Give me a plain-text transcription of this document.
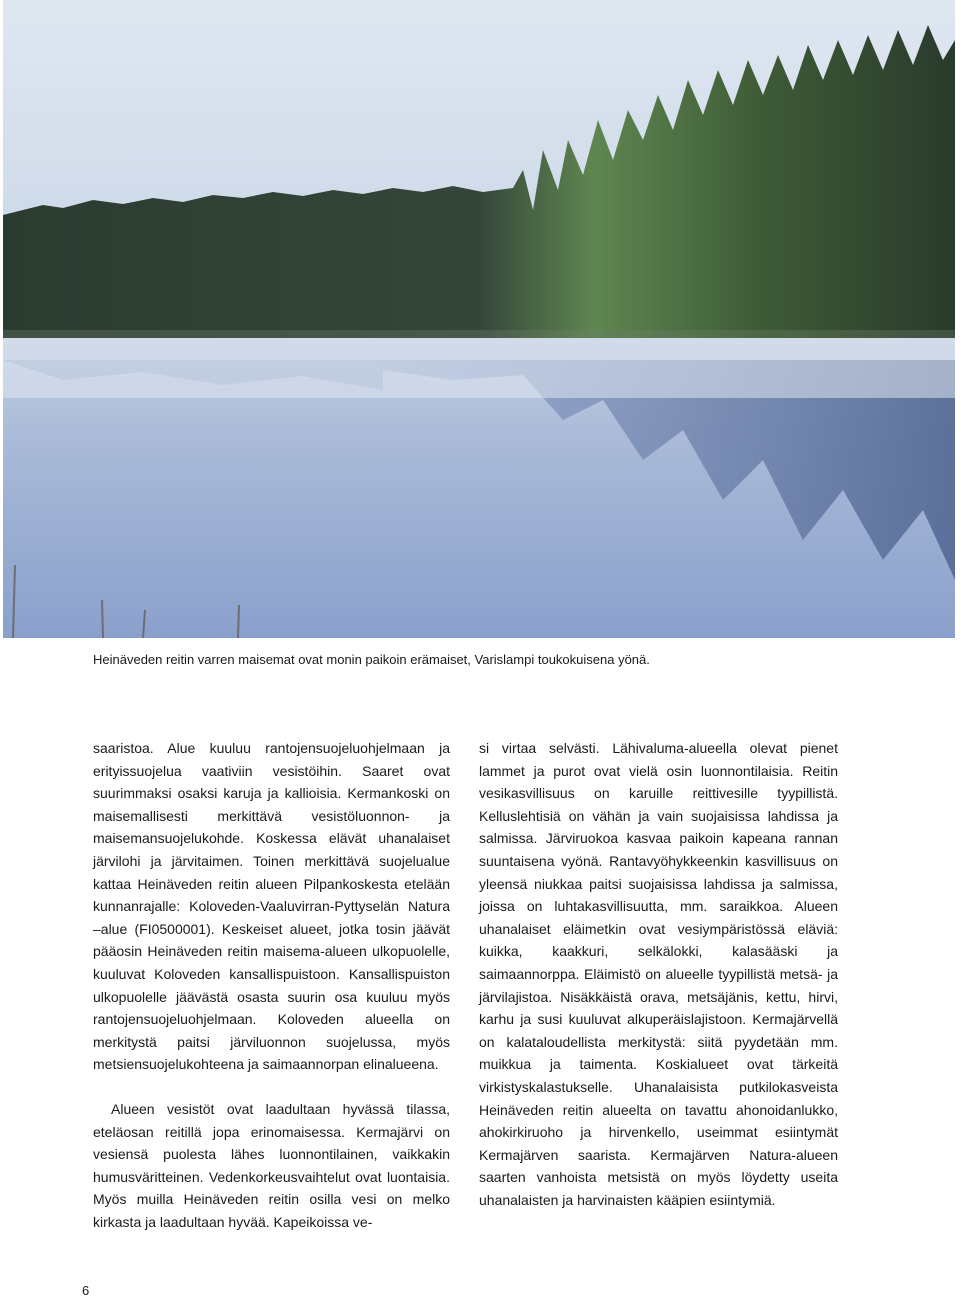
Heinäveden reitin varren maisemat ovat monin paikoin erämaiset, Varislampi toukokuisena yönä.

saaristoa. Alue kuuluu rantojensuojeluohjelmaan ja erityissuojelua vaativiin vesistöihin. Saaret ovat suurimmaksi osaksi karuja ja kallioisia. Kermankoski on maisemallisesti merkittävä vesistöluonnon- ja maisemansuojelukohde. Koskessa elävät uhanalaiset järvilohi ja järvitaimen. Toinen merkittävä suojelualue kattaa Heinäveden reitin alueen Pilpankoskesta etelään kunnanrajalle: Koloveden-Vaaluvirran-Pyttyselän Natura –alue (FI0500001). Keskeiset alueet, jotka tosin jäävät pääosin Heinäveden reitin maisema-alueen ulkopuolelle, kuuluvat Koloveden kansallispuistoon. Kansallispuiston ulkopuolelle jäävästä osasta suurin osa kuuluu myös rantojensuojeluohjelmaan. Koloveden alueella on merkitystä paitsi järviluonnon suojelussa, myös metsiensuojelukohteena ja saimaannorpan elinalueena.

Alueen vesistöt ovat laadultaan hyvässä tilassa, eteläosan reitillä jopa erinomaisessa. Kermajärvi on vesiensä puolesta lähes luonnontilainen, vaikkakin humusväritteinen. Vedenkorkeusvaihtelut ovat luontaisia. Myös muilla Heinäveden reitin osilla vesi on melko kirkasta ja laadultaan hyvää. Kapeikoissa ve-

si virtaa selvästi. Lähivaluma-alueella olevat pienet lammet ja purot ovat vielä osin luonnontilaisia. Reitin vesikasvillisuus on karuille reittivesille tyypillistä. Kelluslehtisiä on vähän ja vain suojaisissa lahdissa ja salmissa. Järviruokoa kasvaa paikoin kapeana rannan suuntaisena vyönä. Rantavyöhykkeenkin kasvillisuus on yleensä niukkaa paitsi suojaisissa lahdissa ja salmissa, joissa on luhtakasvillisuutta, mm. saraikkoa. Alueen uhanalaiset eläimetkin ovat vesiympäristössä eläviä: kuikka, kaakkuri, selkälokki, kalasääski ja saimaannorppa. Eläimistö on alueelle tyypillistä metsä- ja järvilajistoa. Nisäkkäistä orava, metsäjänis, kettu, hirvi, karhu ja susi kuuluvat alkuperäislajistoon. Kermajärvellä on kalataloudellista merkitystä: siitä pyydetään mm. muikkua ja taimenta. Koskialueet ovat tärkeitä virkistyskalastukselle. Uhanalaisista putkilokasveista Heinäveden reitin alueelta on tavattu ahonoidanlukko, ahokirkiruoho ja hirvenkello, useimmat esiintymät Kermajärven saarista. Kermajärven Natura-alueen saarten vanhoista metsistä on myös löydetty useita uhanalaisten ja harvinaisten kääpien esiintymiä.

6
